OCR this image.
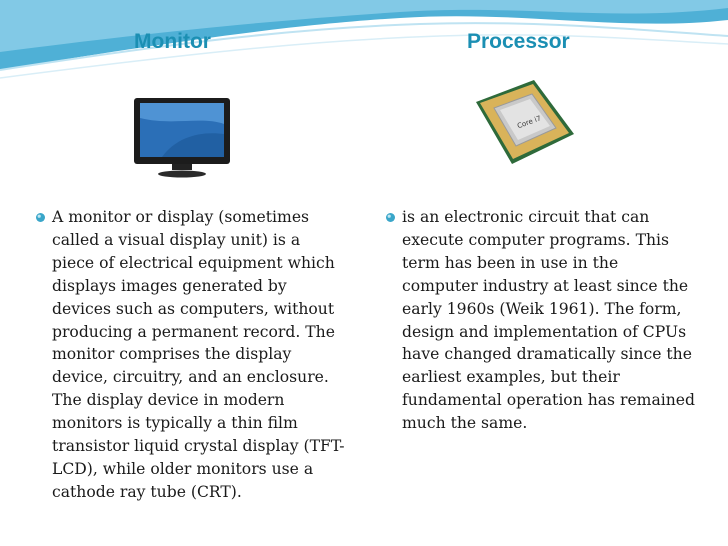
Monitor	Processor
Core i7
A monitor or display (sometimes called a visual display unit) is a piece of electrical equipment which displays images generated by devices such as computers, without producing a permanent record. The monitor comprises the display device, circuitry, and an enclosure. The display device in modern monitors is typically a thin film transistor liquid crystal display (TFT-LCD), while older monitors use a cathode ray tube (CRT).
is an electronic circuit that can execute computer programs. This term has been in use in the computer industry at least since the early 1960s (Weik 1961). The form, design and implementation of CPUs have changed dramatically since the earliest examples, but their fundamental operation has remained much the same.
